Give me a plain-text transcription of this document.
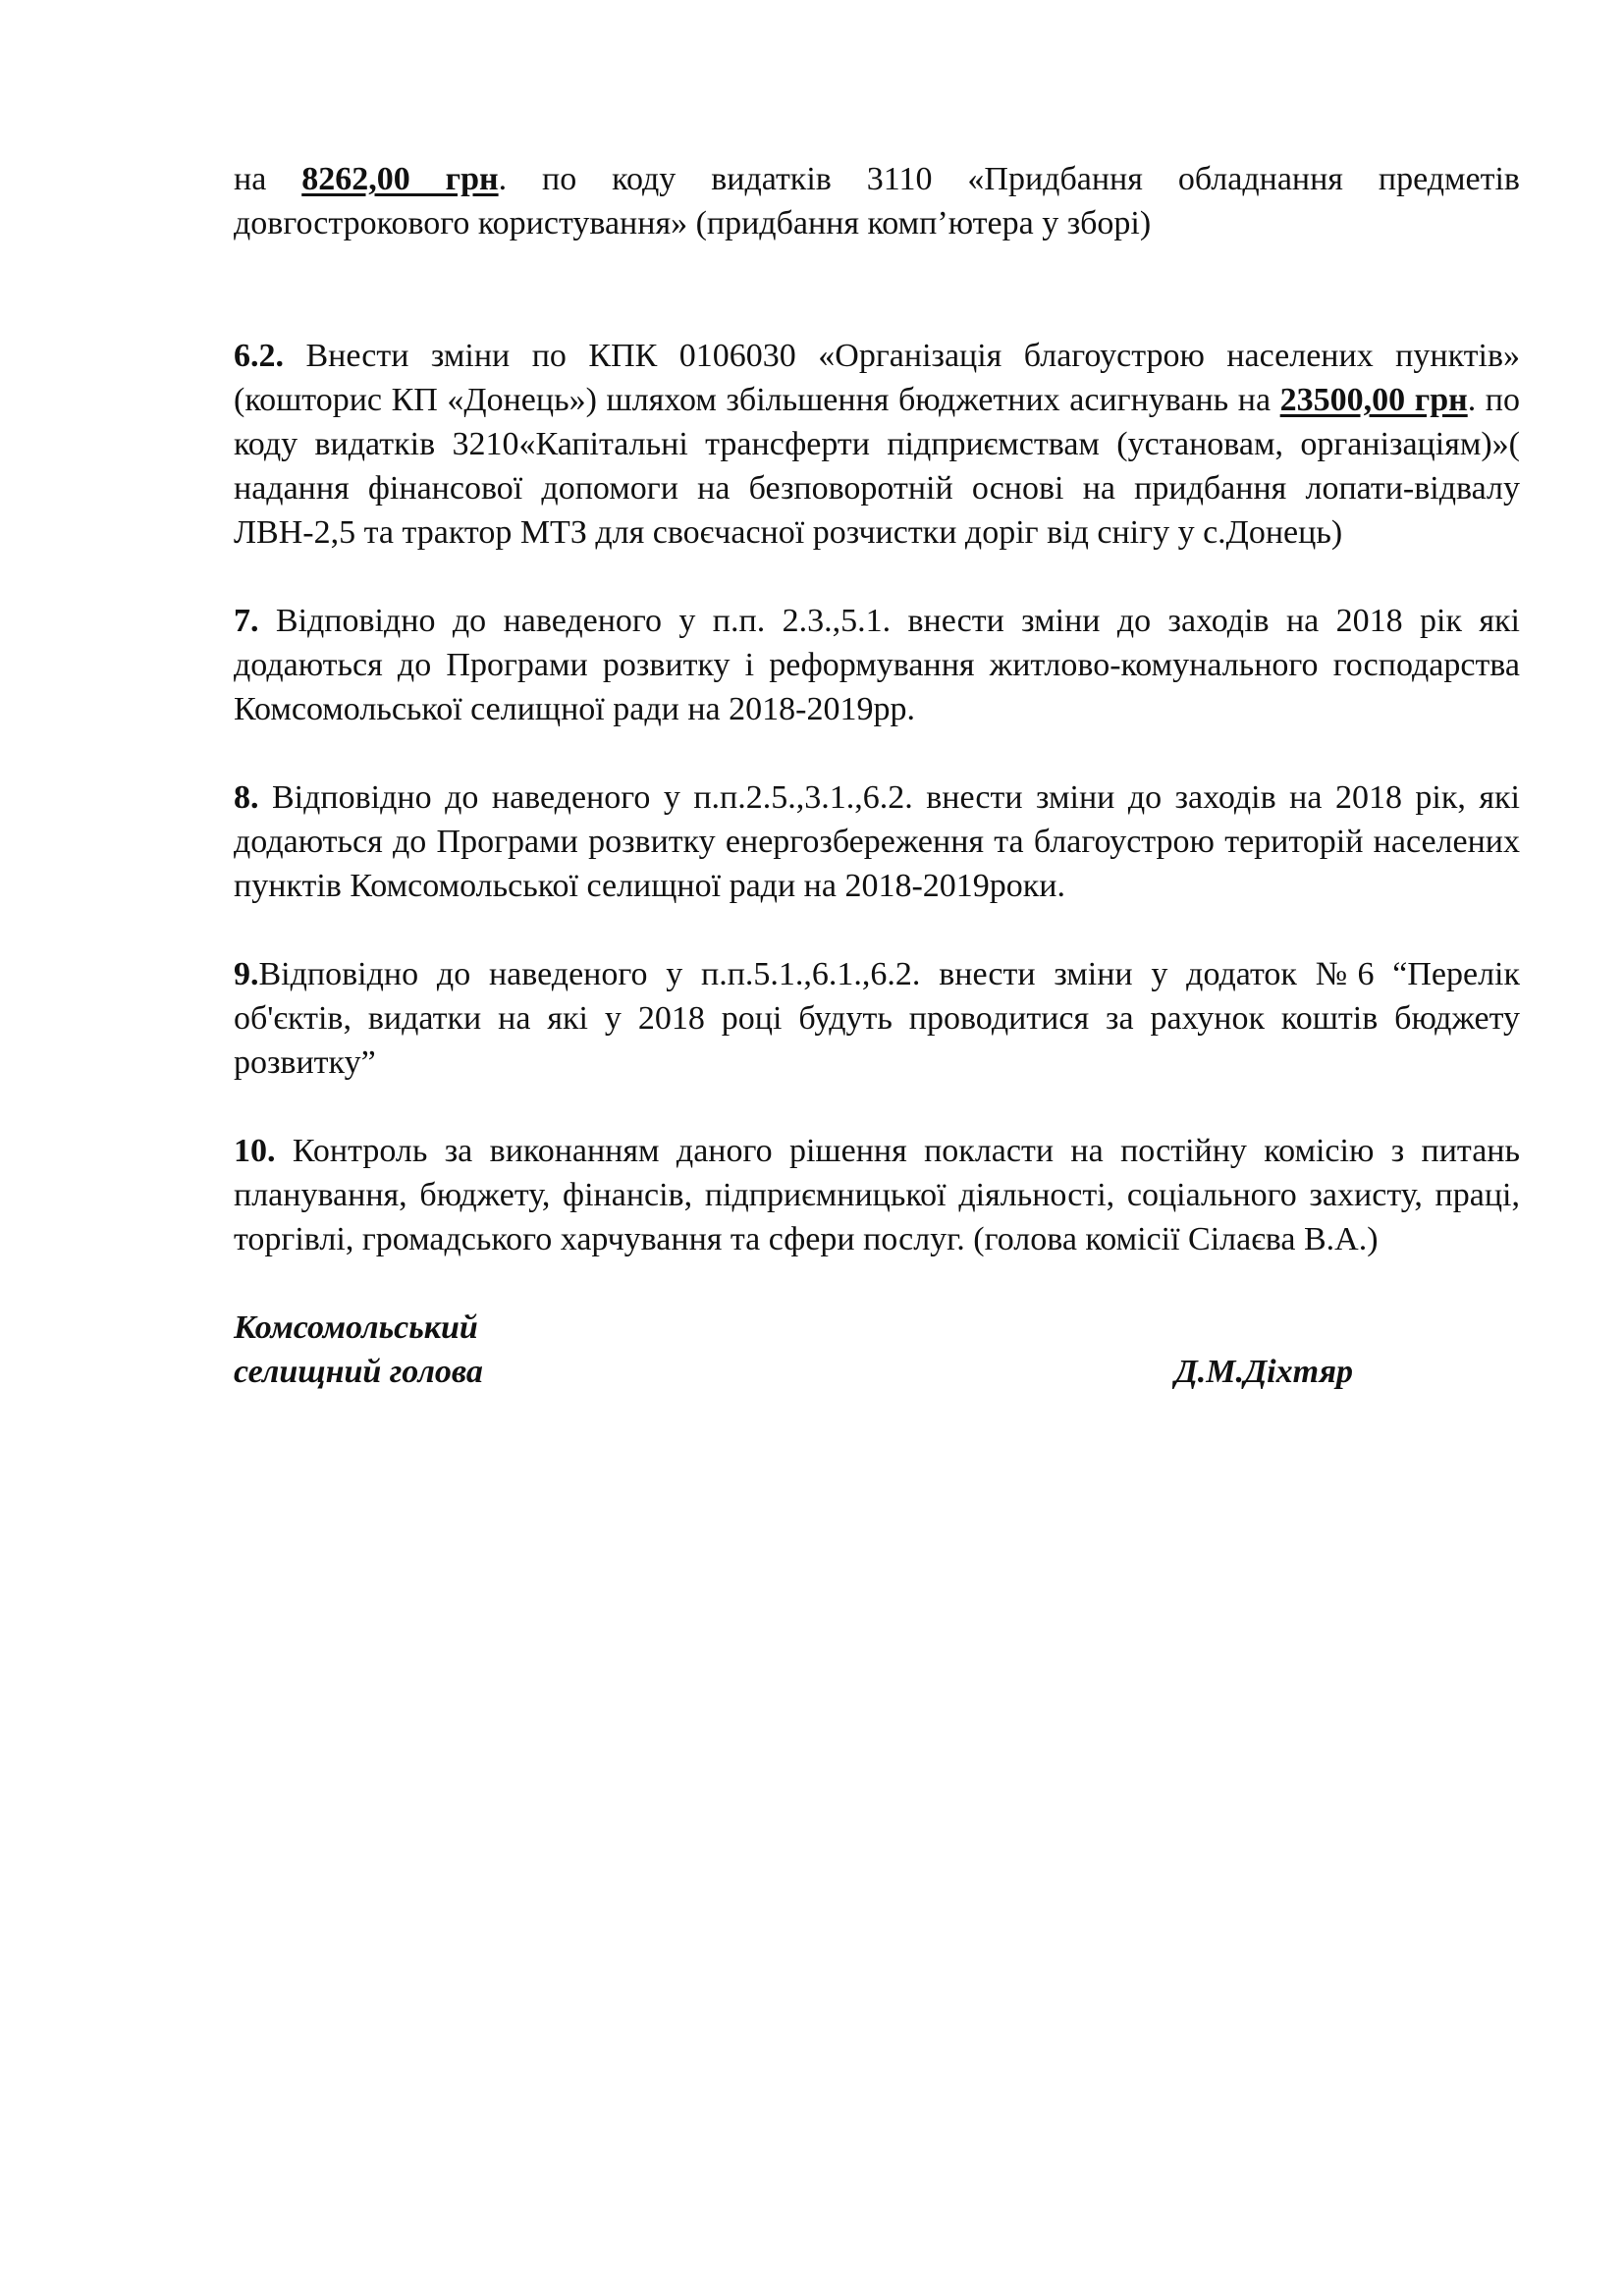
на 8262,00 грн. по коду видатків 3110 «Придбання обладнання предметів довгострокового користування» (придбання комп’ютера у зборі)

6.2. Внести зміни по КПК 0106030 «Організація благоустрою населених пунктів» (кошторис КП «Донець») шляхом збільшення бюджетних асигнувань на 23500,00 грн. по коду видатків 3210«Капітальні трансферти підприємствам (установам, організаціям)»( надання фінансової допомоги на безповоротній основі на придбання лопати-відвалу ЛВН-2,5 та трактор МТЗ для своєчасної розчистки доріг від снігу у с.Донець)

7. Відповідно до наведеного у п.п. 2.3.,5.1. внести зміни до заходів на 2018 рік які додаються до Програми розвитку і реформування житлово-комунального господарства Комсомольської селищної ради на 2018-2019рр.

8. Відповідно до наведеного у п.п.2.5.,3.1.,6.2. внести зміни до заходів на 2018 рік, які додаються до Програми розвитку енергозбереження та благоустрою територій населених пунктів Комсомольської селищної ради на 2018-2019роки.

9.Відповідно до наведеного у п.п.5.1.,6.1.,6.2. внести зміни у додаток №6 “Перелік об'єктів, видатки на які у 2018 році будуть проводитися за рахунок коштів бюджету розвитку”

10. Контроль за виконанням даного рішення покласти на постійну комісію з питань планування, бюджету, фінансів, підприємницької діяльності, соціального захисту, праці, торгівлі, громадського харчування та сфери послуг. (голова комісії Сілаєва В.А.)

Комсомольський
селищний голова	Д.М.Діхтяр
